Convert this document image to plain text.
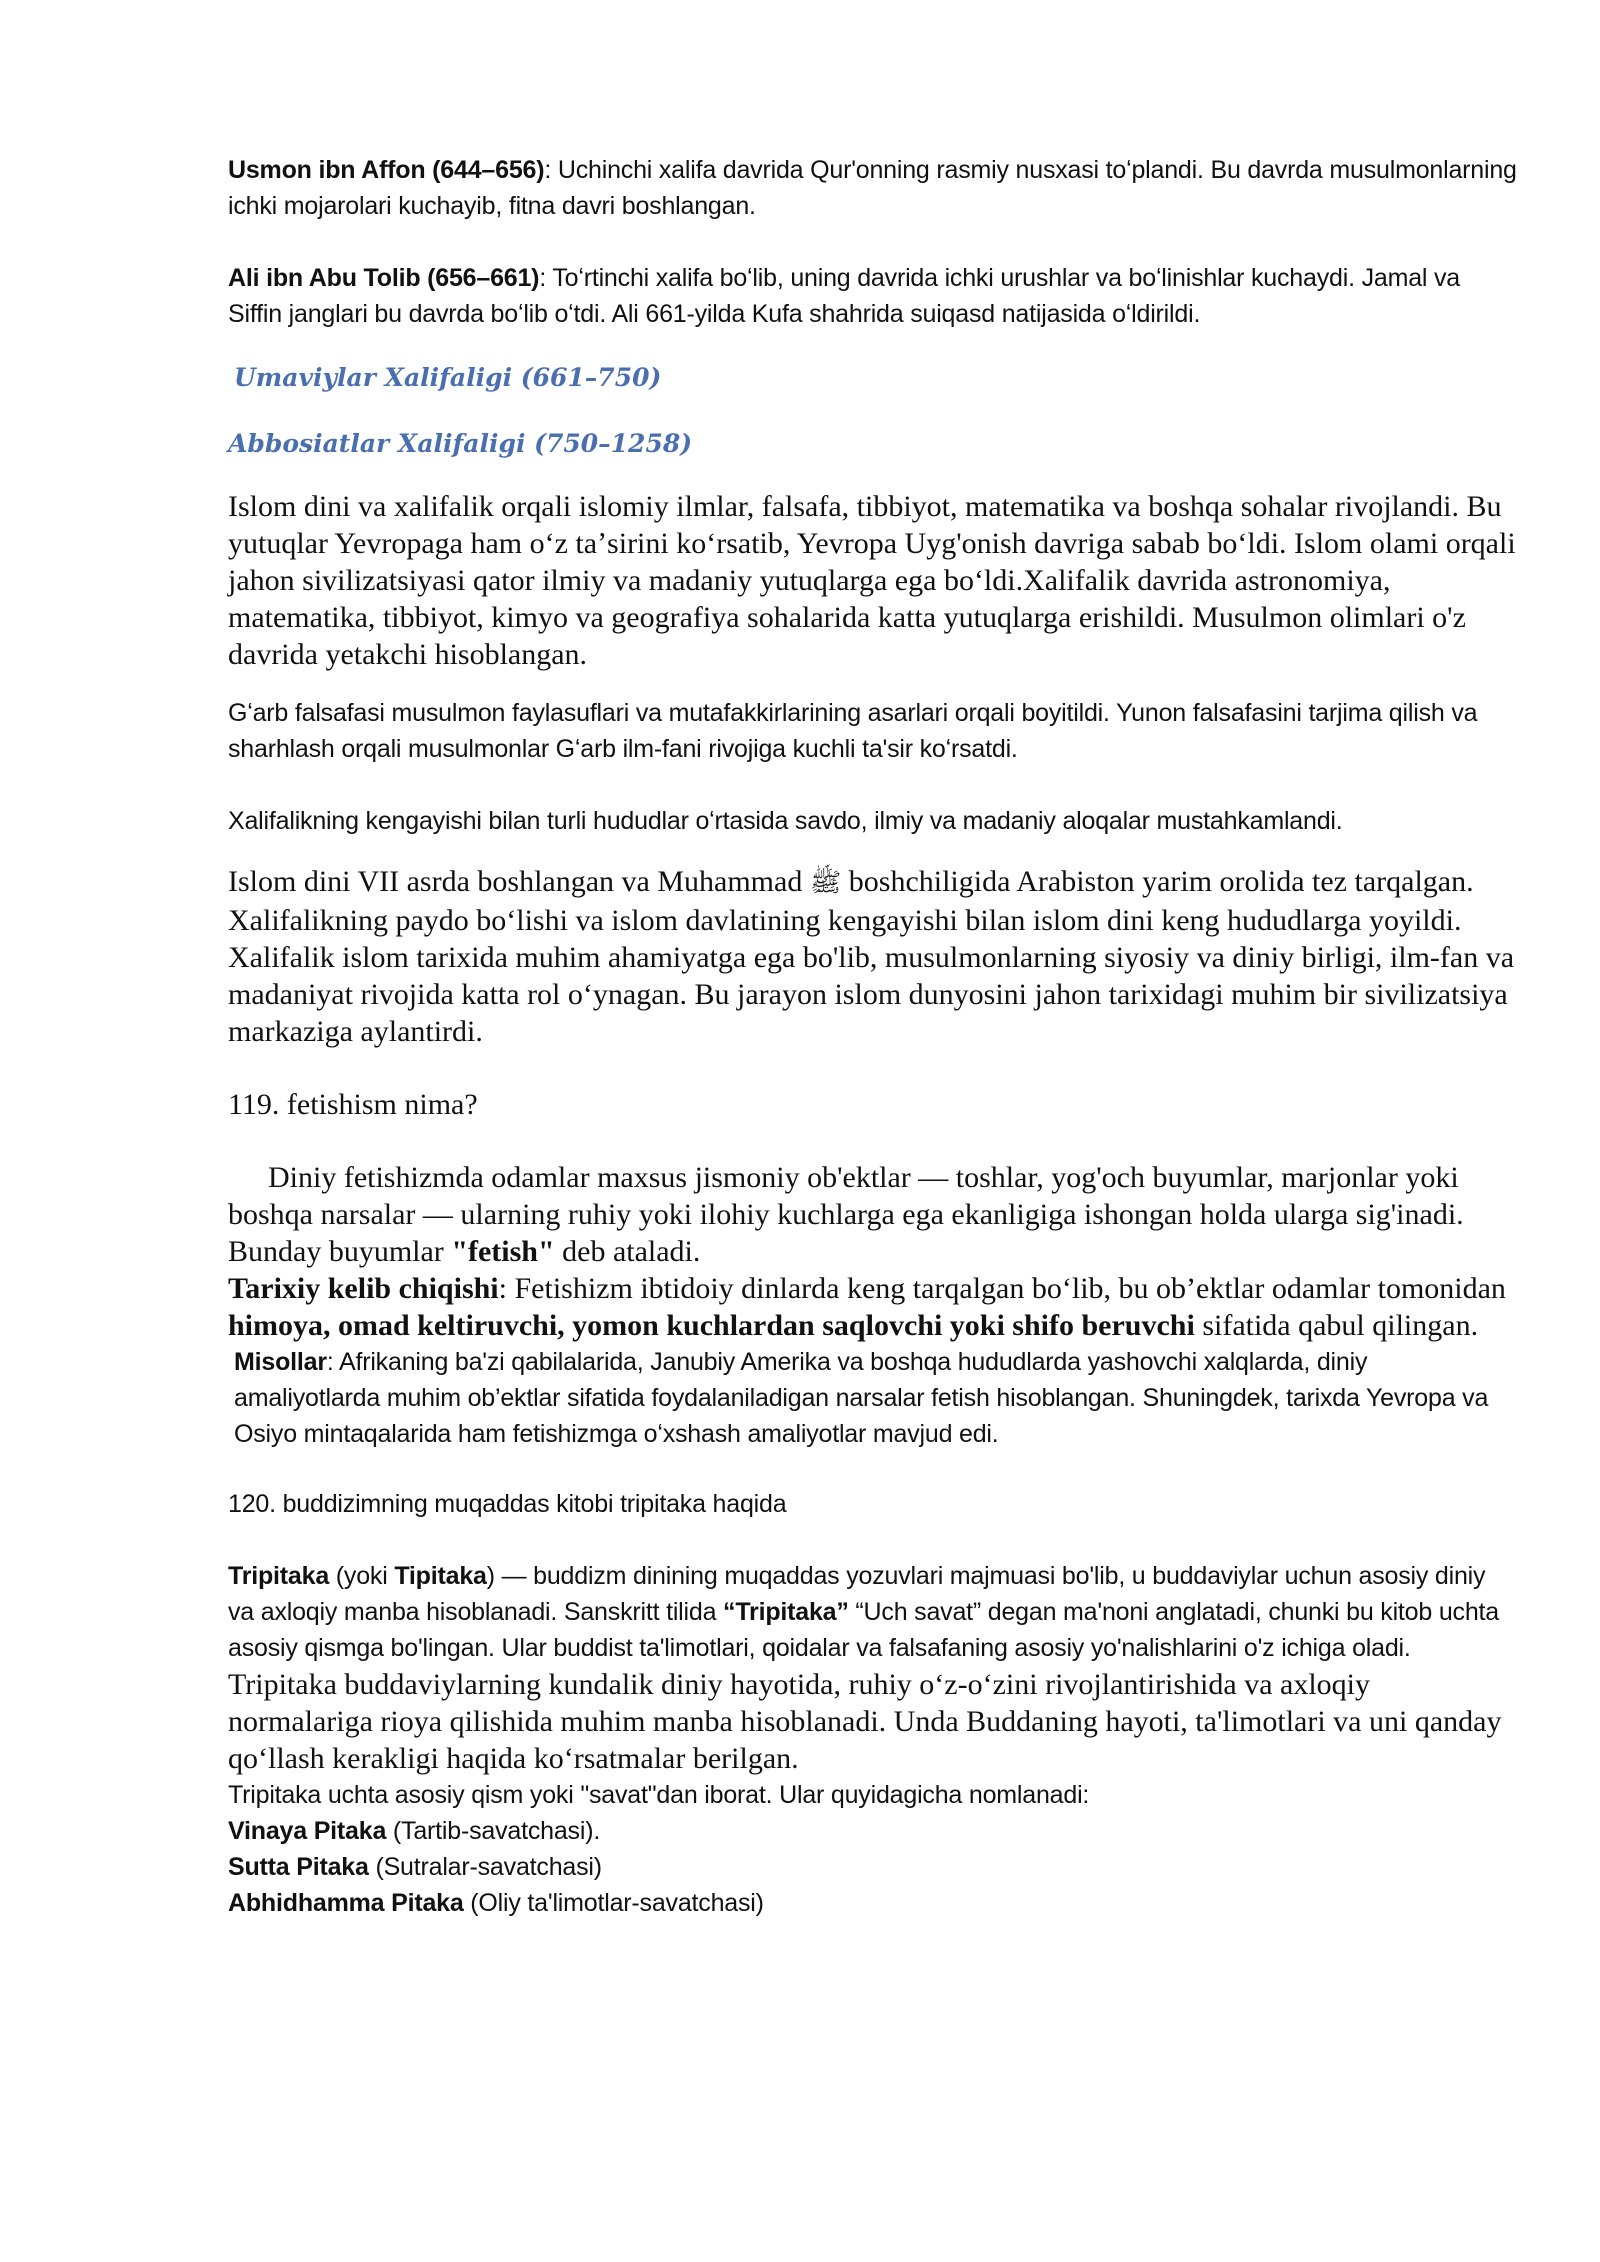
Usmon ibn Affon (644–656): Uchinchi xalifa davrida Qur'onning rasmiy nusxasi toʻplandi. Bu davrda musulmonlarning ichki mojarolari kuchayib, fitna davri boshlangan.

Ali ibn Abu Tolib (656–661): Toʻrtinchi xalifa boʻlib, uning davrida ichki urushlar va boʻlinishlar kuchaydi. Jamal va Siffin janglari bu davrda boʻlib oʻtdi. Ali 661-yilda Kufa shahrida suiqasd natijasida oʻldirildi.

Umaviylar Xalifaligi (661–750)

Abbosiatlar Xalifaligi (750–1258)

Islom dini va xalifalik orqali islomiy ilmlar, falsafa, tibbiyot, matematika va boshqa sohalar rivojlandi. Bu yutuqlar Yevropaga ham oʻz taʼsirini koʻrsatib, Yevropa Uyg'onish davriga sabab boʻldi. Islom olami orqali jahon sivilizatsiyasi qator ilmiy va madaniy yutuqlarga ega boʻldi.Xalifalik davrida astronomiya, matematika, tibbiyot, kimyo va geografiya sohalarida katta yutuqlarga erishildi. Musulmon olimlari o'z davrida yetakchi hisoblangan.

Gʻarb falsafasi musulmon faylasuflari va mutafakkirlarining asarlari orqali boyitildi. Yunon falsafasini tarjima qilish va sharhlash orqali musulmonlar Gʻarb ilm-fani rivojiga kuchli ta'sir koʻrsatdi.

Xalifalikning kengayishi bilan turli hududlar oʻrtasida savdo, ilmiy va madaniy aloqalar mustahkamlandi.

Islom dini VII asrda boshlangan va Muhammad ﷺ boshchiligida Arabiston yarim orolida tez tarqalgan. Xalifalikning paydo boʻlishi va islom davlatining kengayishi bilan islom dini keng hududlarga yoyildi. Xalifalik islom tarixida muhim ahamiyatga ega bo'lib, musulmonlarning siyosiy va diniy birligi, ilm-fan va madaniyat rivojida katta rol oʻynagan. Bu jarayon islom dunyosini jahon tarixidagi muhim bir sivilizatsiya markaziga aylantirdi.

119. fetishism nima?

Diniy fetishizmda odamlar maxsus jismoniy ob'ektlar — toshlar, yog'och buyumlar, marjonlar yoki boshqa narsalar — ularning ruhiy yoki ilohiy kuchlarga ega ekanligiga ishongan holda ularga sig'inadi. Bunday buyumlar "fetish" deb ataladi.

Tarixiy kelib chiqishi: Fetishizm ibtidoiy dinlarda keng tarqalgan boʻlib, bu ob’ektlar odamlar tomonidan himoya, omad keltiruvchi, yomon kuchlardan saqlovchi yoki shifo beruvchi sifatida qabul qilingan.

Misollar: Afrikaning ba'zi qabilalarida, Janubiy Amerika va boshqa hududlarda yashovchi xalqlarda, diniy amaliyotlarda muhim ob’ektlar sifatida foydalaniladigan narsalar fetish hisoblangan. Shuningdek, tarixda Yevropa va Osiyo mintaqalarida ham fetishizmga oʻxshash amaliyotlar mavjud edi.

120. buddizimning muqaddas kitobi tripitaka haqida

Tripitaka (yoki Tipitaka) — buddizm dinining muqaddas yozuvlari majmuasi bo'lib, u buddaviylar uchun asosiy diniy va axloqiy manba hisoblanadi. Sanskritt tilida “Tripitaka” “Uch savat” degan ma'noni anglatadi, chunki bu kitob uchta asosiy qismga bo'lingan. Ular buddist ta'limotlari, qoidalar va falsafaning asosiy yo'nalishlarini o'z ichiga oladi.

Tripitaka buddaviylarning kundalik diniy hayotida, ruhiy oʻz-oʻzini rivojlantirishida va axloqiy normalariga rioya qilishida muhim manba hisoblanadi. Unda Buddaning hayoti, ta'limotlari va uni qanday qoʻllash kerakligi haqida koʻrsatmalar berilgan.

Tripitaka uchta asosiy qism yoki "savat"dan iborat. Ular quyidagicha nomlanadi:

Vinaya Pitaka (Tartib-savatchasi).

Sutta Pitaka (Sutralar-savatchasi)

Abhidhamma Pitaka (Oliy ta'limotlar-savatchasi)
